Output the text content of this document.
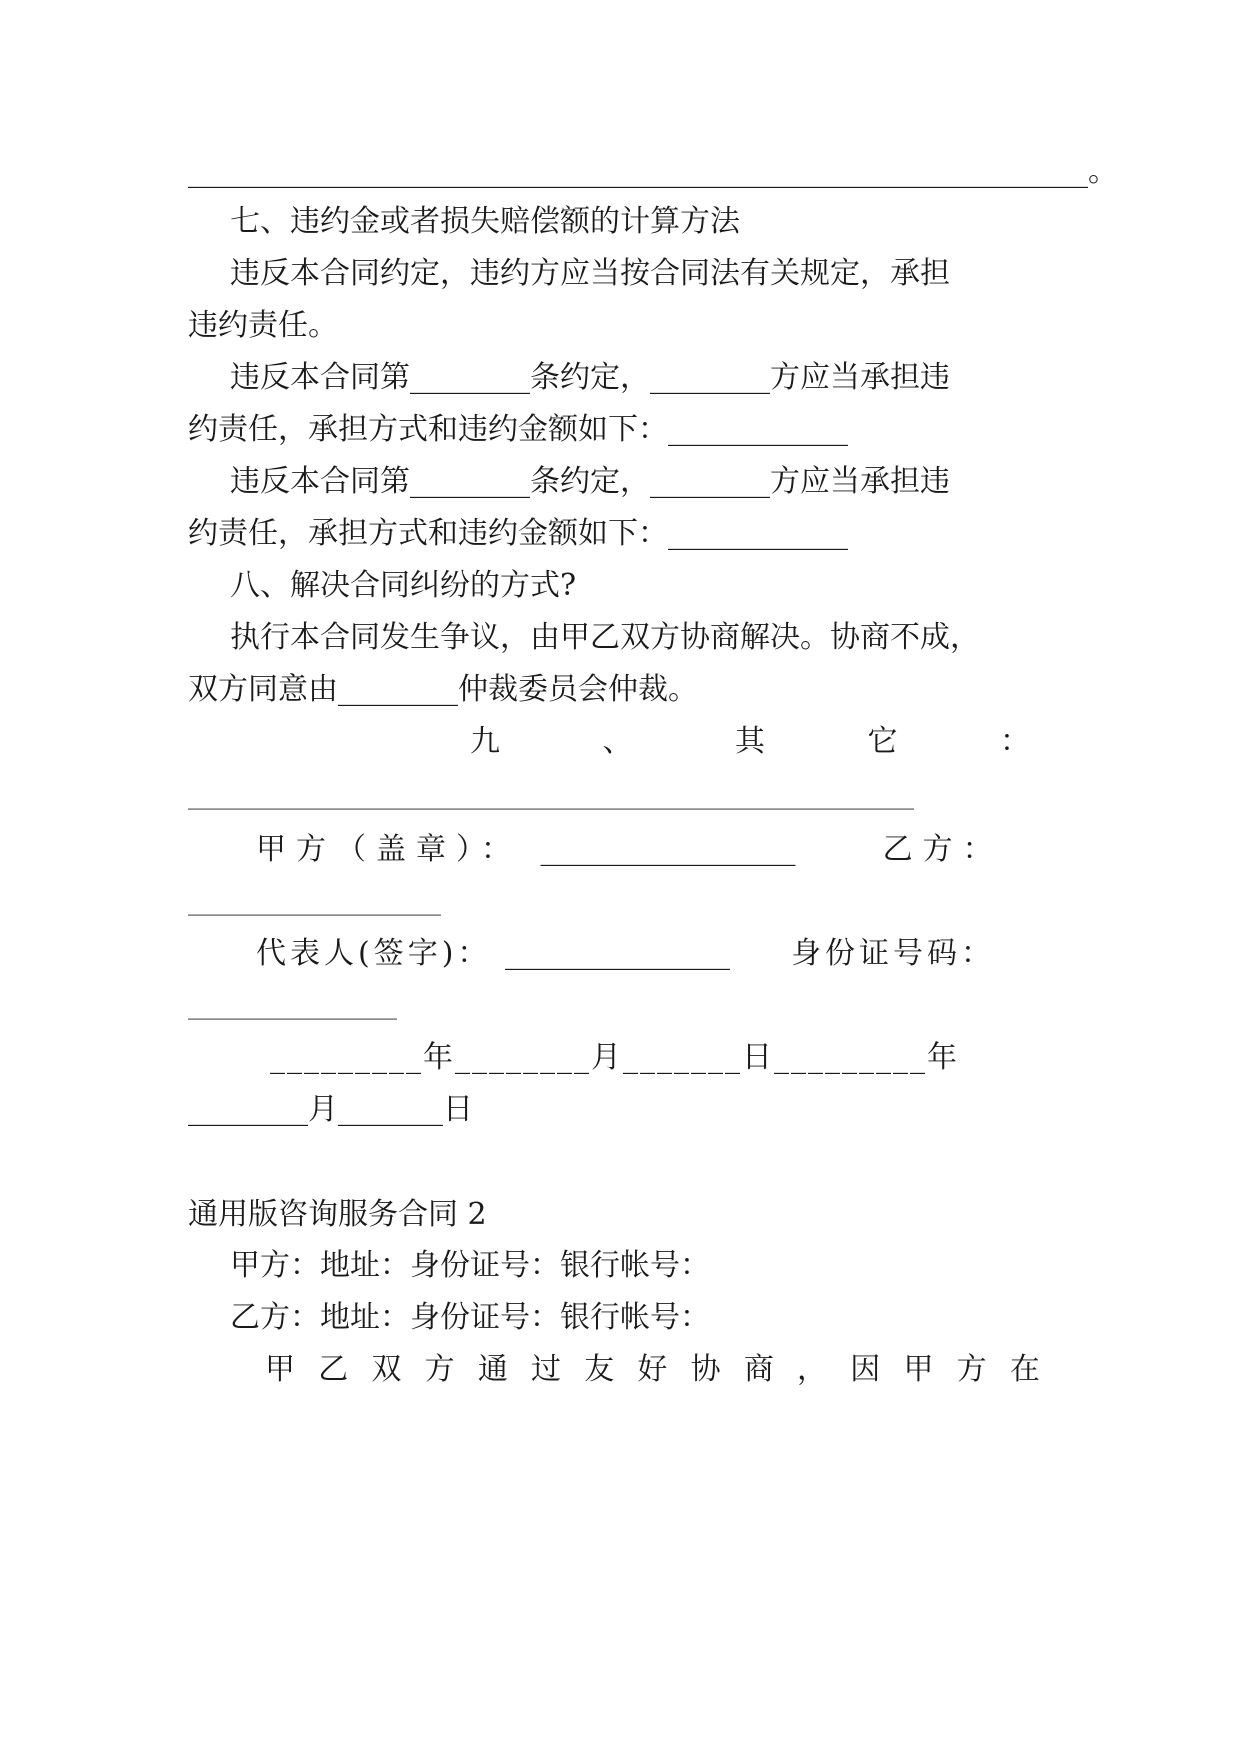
____________________________________________________________。
七、违约金或者损失赔偿额的计算方法
违反本合同约定，违约方应当按合同法有关规定，承担
违约责任。
违反本合同第________条约定，________方应当承担违
约责任，承担方式和违约金额如下：____________
违反本合同第________条约定，________方应当承担违
约责任，承担方式和违约金额如下：____________
八、解决合同纠纷的方式?
执行本合同发生争议，由甲乙双方协商解决。协商不成，
双方同意由________仲裁委员会仲裁。
九	、	其	它	：
__________________________________________________________________
甲方（盖章）： _________________	乙方：
_______________________
代表人(签字)： _______________ 身份证号码：
___________________
_________年________月_______日_________年
________月_______日
通用版咨询服务合同 2
甲方：地址：身份证号：银行帐号：
乙方：地址：身份证号：银行帐号：
甲 乙 双 方 通 过 友 好 协 商 ， 因 甲 方 在
